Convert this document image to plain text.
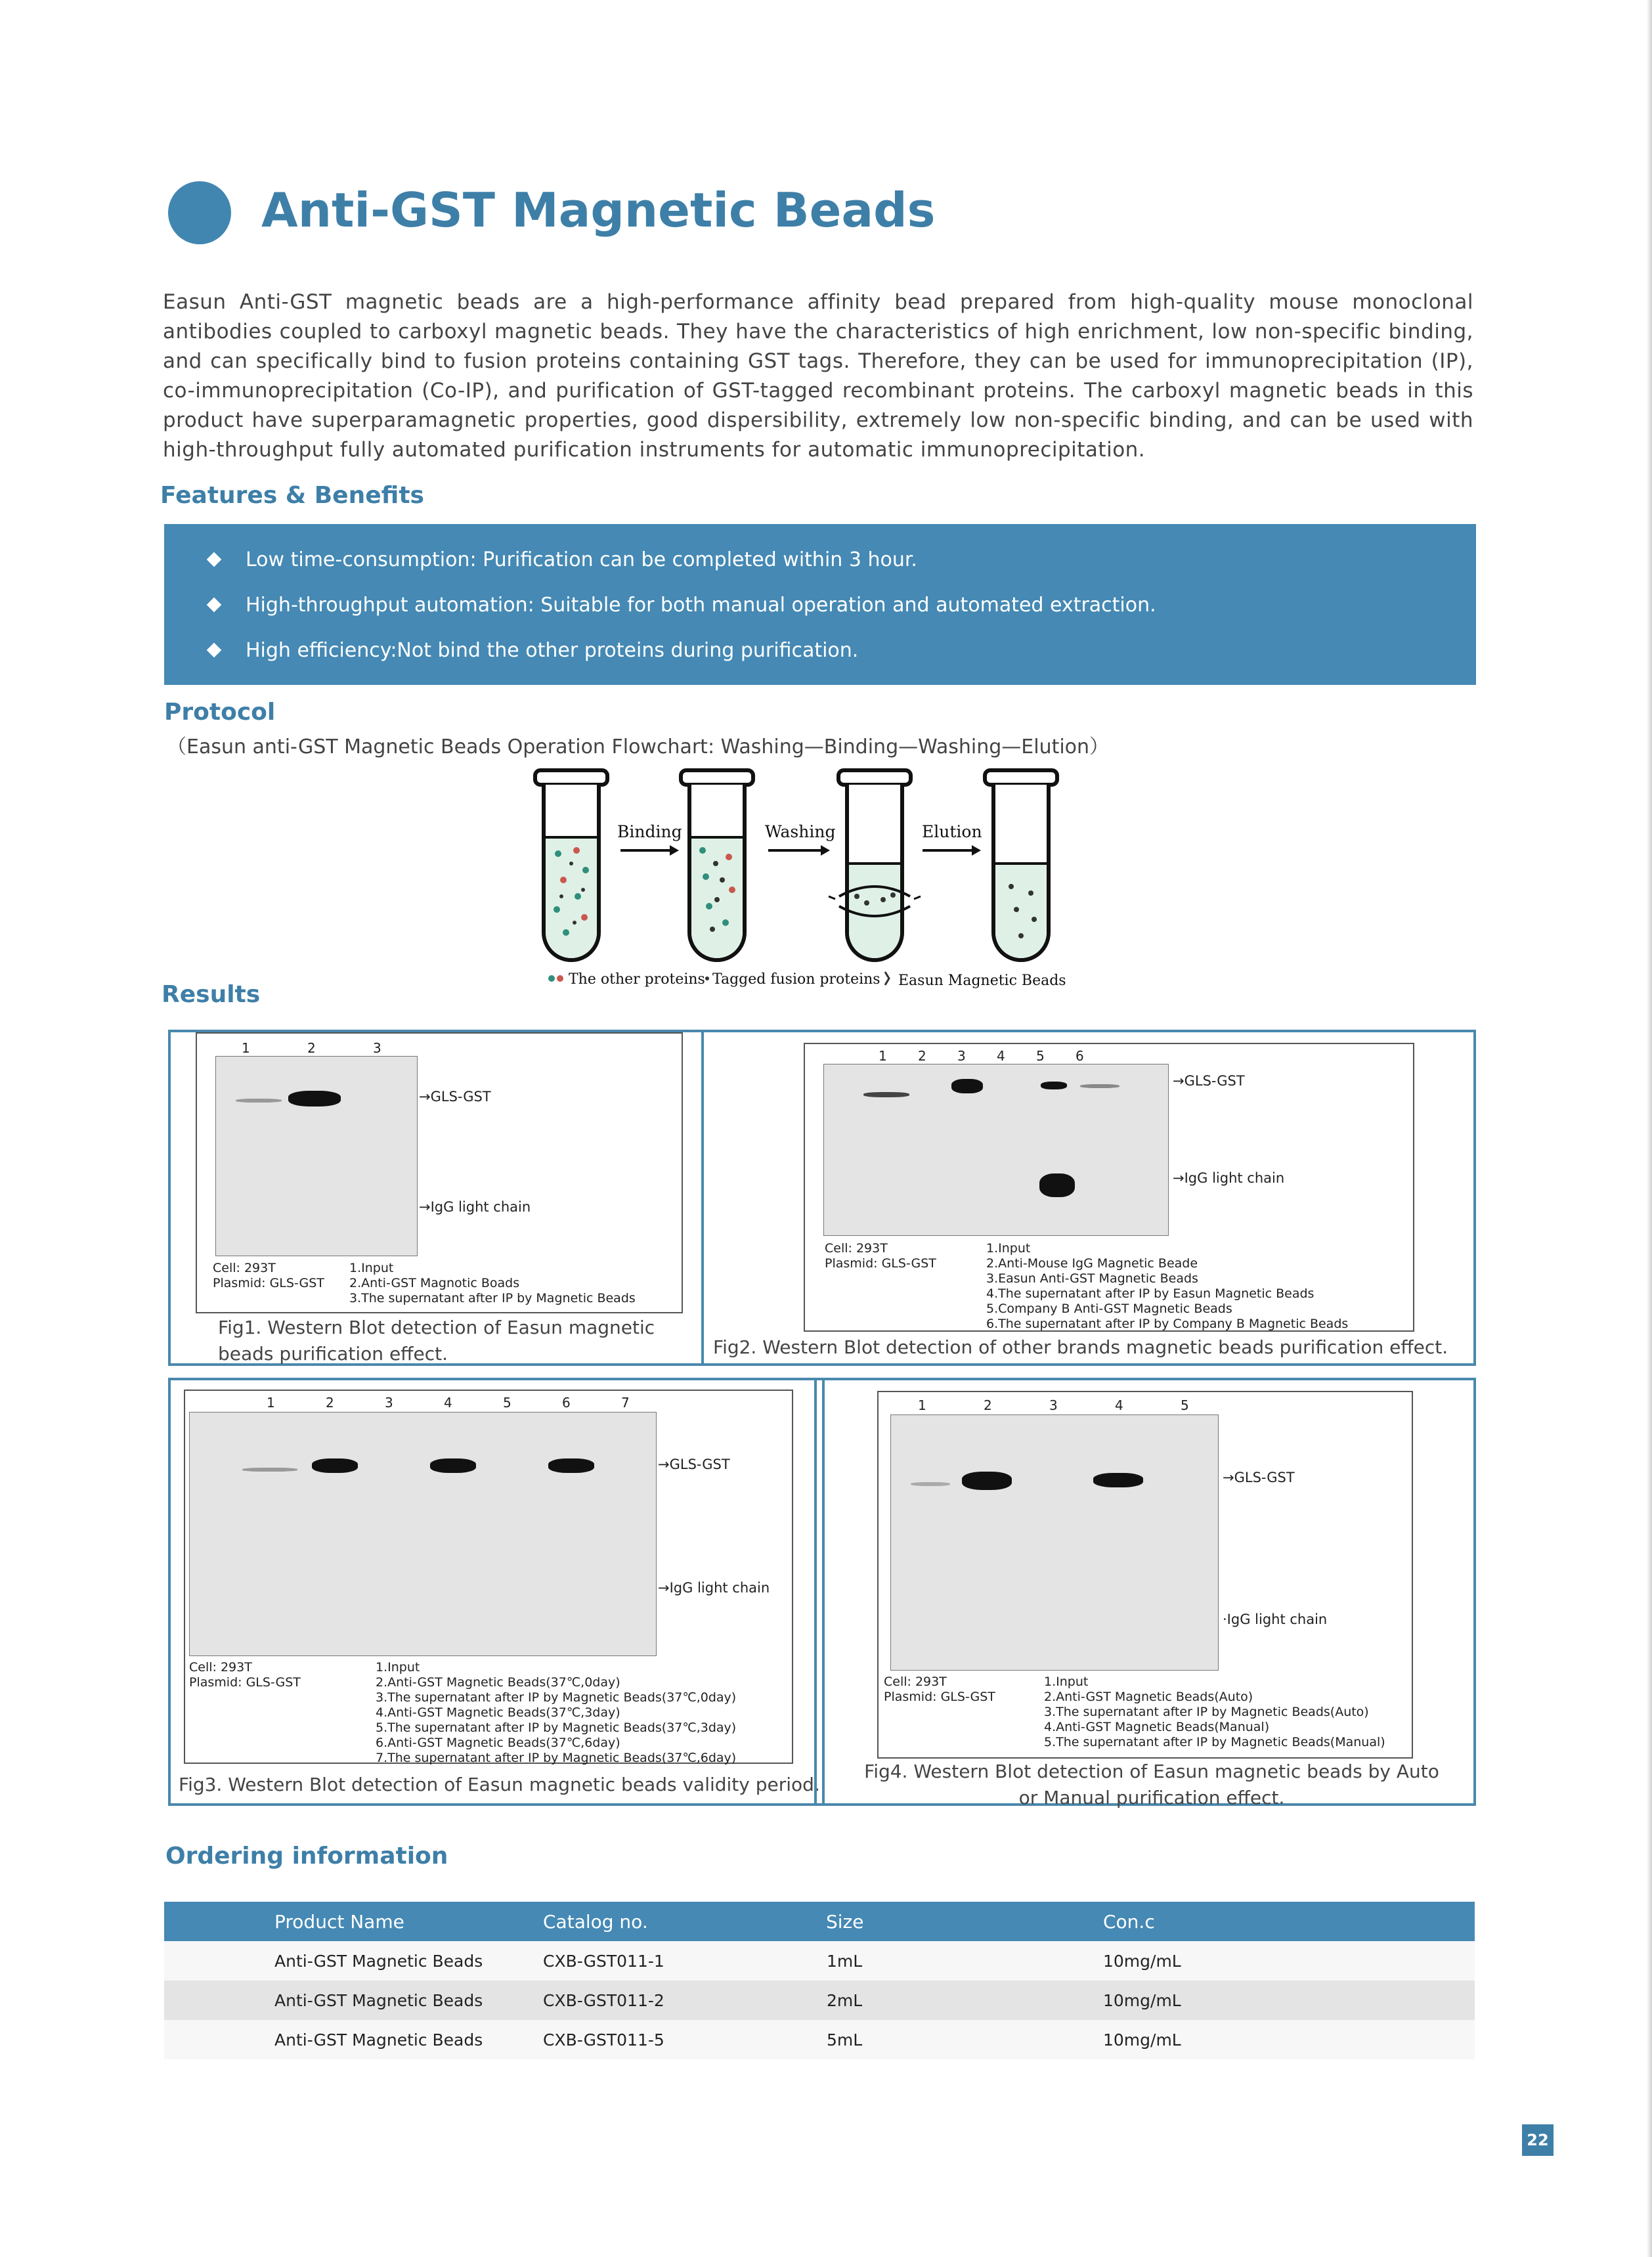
Anti-GST Magnetic Beads
Easun Anti-GST magnetic beads are a high-performance affinity bead prepared from high-quality mouse monoclonal antibodies coupled to carboxyl magnetic beads. They have the characteristics of high enrichment, low non-specific binding, and can specifically bind to fusion proteins containing GST tags. Therefore, they can be used for immunoprecipitation (IP), co-immunoprecipitation (Co-IP), and purification of GST-tagged recombinant proteins. The carboxyl magnetic beads in this product have superparamagnetic properties, good dispersibility, extremely low non-specific binding, and can be used with high-throughput fully automated purification instruments for automatic immunoprecipitation.
Features & Benefits
Low time-consumption: Purification can be completed within 3 hour.
High-throughput automation: Suitable for both manual operation and automated extraction.
High efficiency:Not bind the other proteins during purification.
Protocol
（Easun anti-GST Magnetic Beads Operation Flowchart: Washing—Binding—Washing—Elution）
Binding	Washing	Elution
The other proteins Tagged fusion proteins Easun Magnetic Beads
Results
1	2	3
→GLS-GST
→IgG light chain
Cell: 293T
Plasmid: GLS-GST
1.Input
2.Anti-GST Magnotic Boads
3.The supernatant after IP by Magnetic Beads
Fig1. Western Blot detection of Easun magnetic beads purification effect.
1 2 3 4 5 6
→GLS-GST
→IgG light chain
Cell: 293T
Plasmid: GLS-GST
1.Input
2.Anti-Mouse IgG Magnetic Beade
3.Easun Anti-GST Magnetic Beads
4.The supernatant after IP by Easun Magnetic Beads
5.Company B Anti-GST Magnetic Beads
6.The supernatant after IP by Company B Magnetic Beads
Fig2. Western Blot detection of other brands magnetic beads purification effect.
1	2	3	4	5	6	7
→GLS-GST
→IgG light chain
Cell: 293T
Plasmid: GLS-GST
1.Input
2.Anti-GST Magnetic Beads(37℃,0day)
3.The supernatant after IP by Magnetic Beads(37℃,0day)
4.Anti-GST Magnetic Beads(37℃,3day)
5.The supernatant after IP by Magnetic Beads(37℃,3day)
6.Anti-GST Magnetic Beads(37℃,6day)
7.The supernatant after IP by Magnetic Beads(37℃,6day)
Fig3. Western Blot detection of Easun magnetic beads validity period.
1	2	3	4	5
→GLS-GST
·IgG light chain
Cell: 293T
Plasmid: GLS-GST
1.Input
2.Anti-GST Magnetic Beads(Auto)
3.The supernatant after IP by Magnetic Beads(Auto)
4.Anti-GST Magnetic Beads(Manual)
5.The supernatant after IP by Magnetic Beads(Manual)
Fig4. Western Blot detection of Easun magnetic beads by Auto or Manual purification effect.
Ordering information
Product Name	Catalog no.	Size	Con.c
Anti-GST Magnetic Beads	CXB-GST011-1	1mL	10mg/mL
Anti-GST Magnetic Beads	CXB-GST011-2	2mL	10mg/mL
Anti-GST Magnetic Beads	CXB-GST011-5	5mL	10mg/mL
22
